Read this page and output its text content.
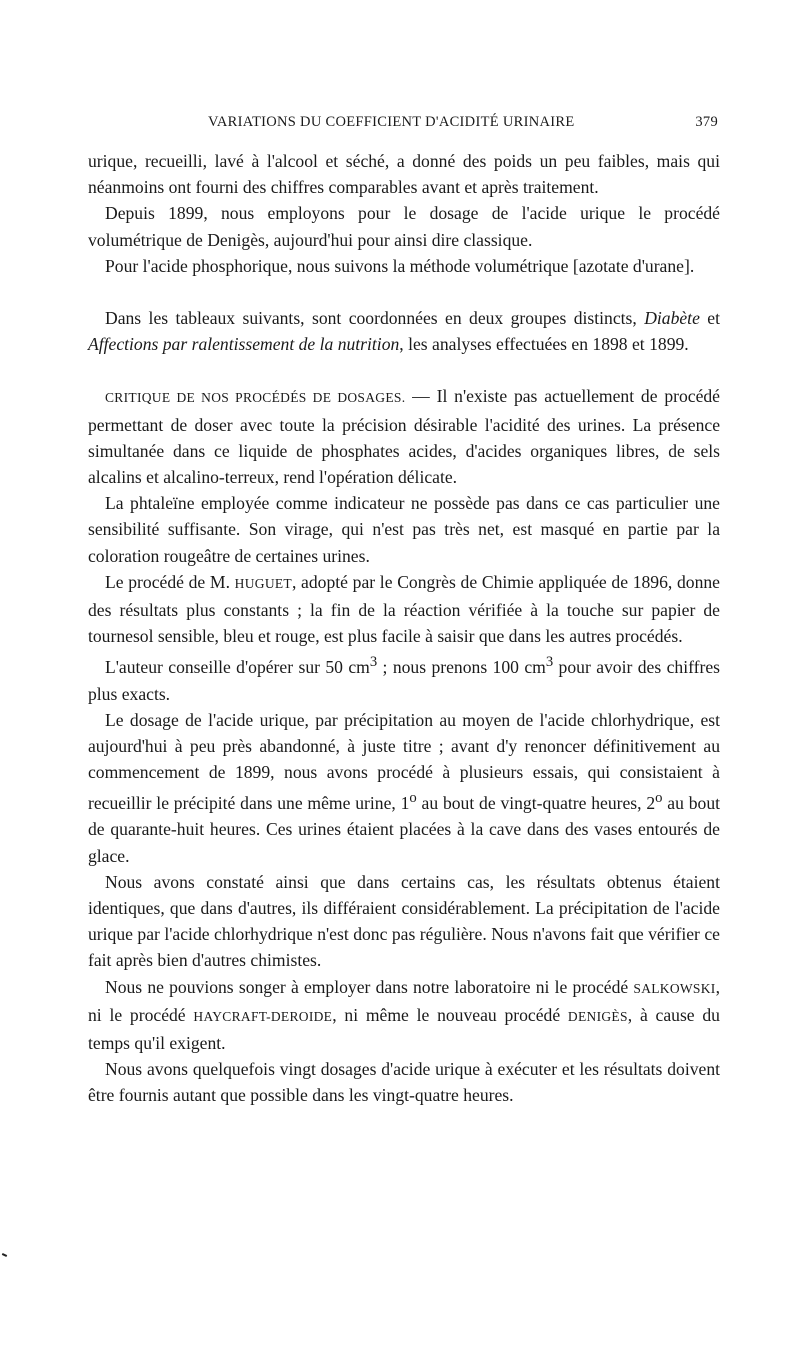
VARIATIONS DU COEFFICIENT D'ACIDITÉ URINAIRE	379

urique, recueilli, lavé à l'alcool et séché, a donné des poids un peu faibles, mais qui néanmoins ont fourni des chiffres comparables avant et après traitement.

Depuis 1899, nous employons pour le dosage de l'acide urique le procédé volumétrique de Denigès, aujourd'hui pour ainsi dire classique.

Pour l'acide phosphorique, nous suivons la méthode volumétrique [azotate d'urane].

Dans les tableaux suivants, sont coordonnées en deux groupes distincts, Diabète et Affections par ralentissement de la nutrition, les analyses effectuées en 1898 et 1899.

CRITIQUE DE NOS PROCÉDÉS DE DOSAGES. — Il n'existe pas actuellement de procédé permettant de doser avec toute la précision désirable l'acidité des urines. La présence simultanée dans ce liquide de phosphates acides, d'acides organiques libres, de sels alcalins et alcalino-terreux, rend l'opération délicate.

La phtaleïne employée comme indicateur ne possède pas dans ce cas particulier une sensibilité suffisante. Son virage, qui n'est pas très net, est masqué en partie par la coloration rougeâtre de certaines urines.

Le procédé de M. HUGUET, adopté par le Congrès de Chimie appliquée de 1896, donne des résultats plus constants ; la fin de la réaction vérifiée à la touche sur papier de tournesol sensible, bleu et rouge, est plus facile à saisir que dans les autres procédés.

L'auteur conseille d'opérer sur 50 $cm^3$ ; nous prenons 100 $cm^3$ pour avoir des chiffres plus exacts.

Le dosage de l'acide urique, par précipitation au moyen de l'acide chlorhydrique, est aujourd'hui à peu près abandonné, à juste titre ; avant d'y renoncer définitivement au commencement de 1899, nous avons procédé à plusieurs essais, qui consistaient à recueillir le précipité dans une même urine, 1$^o$ au bout de vingt-quatre heures, 2$^o$ au bout de quarante-huit heures. Ces urines étaient placées à la cave dans des vases entourés de glace.

Nous avons constaté ainsi que dans certains cas, les résultats obtenus étaient identiques, que dans d'autres, ils différaient considérablement. La précipitation de l'acide urique par l'acide chlorhydrique n'est donc pas régulière. Nous n'avons fait que vérifier ce fait après bien d'autres chimistes.

Nous ne pouvions songer à employer dans notre laboratoire ni le procédé SALKOWSKI, ni le procédé HAYCRAFT-DEROIDE, ni même le nouveau procédé DENIGÈS, à cause du temps qu'il exigent.

Nous avons quelquefois vingt dosages d'acide urique à exécuter et les résultats doivent être fournis autant que possible dans les vingt-quatre heures.
